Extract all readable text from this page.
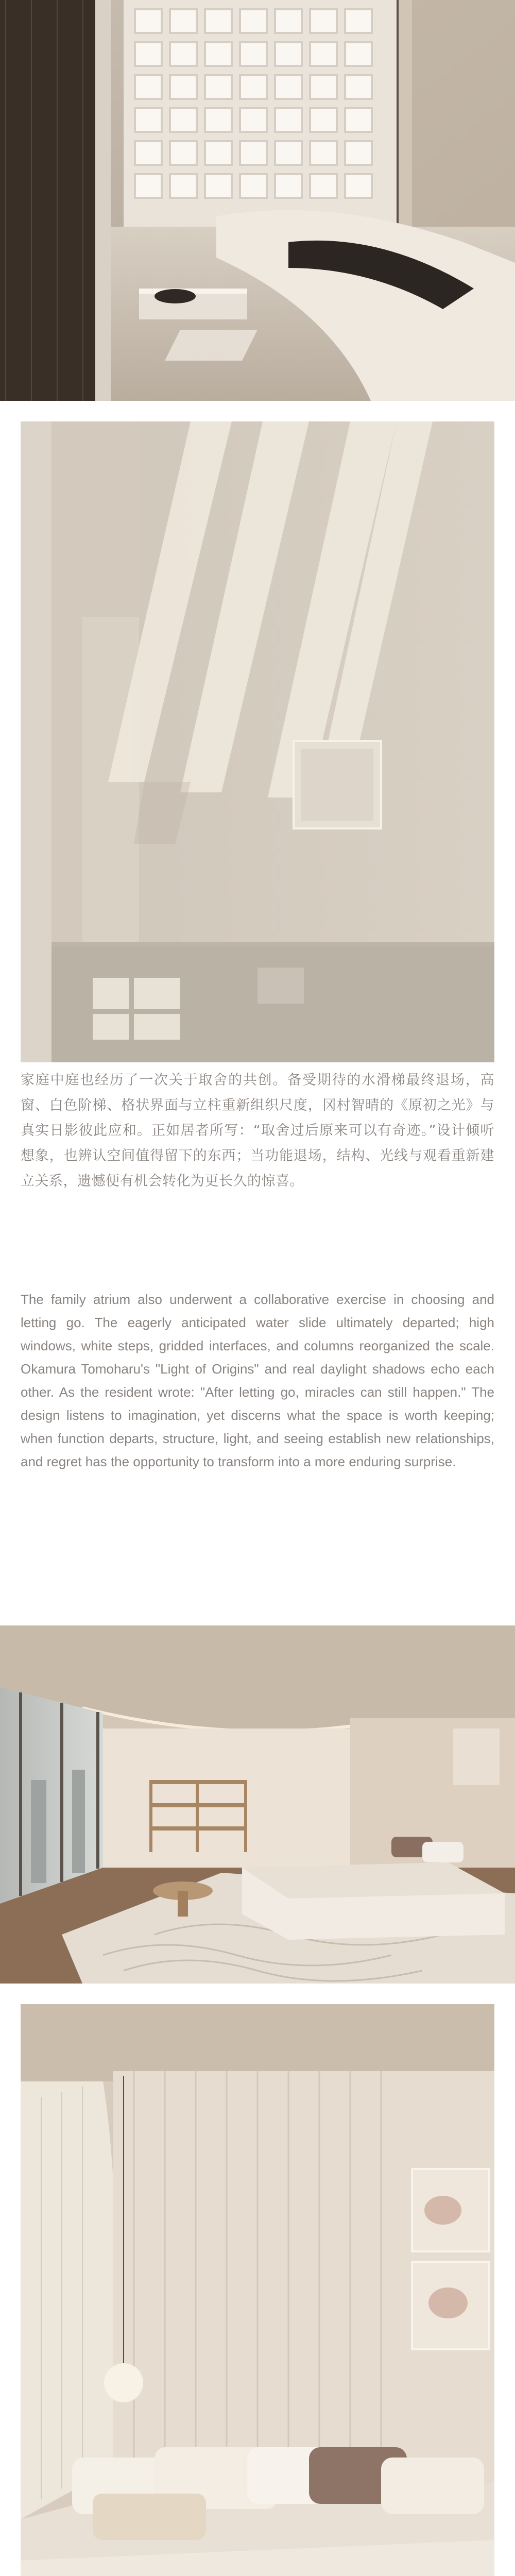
家庭中庭也经历了一次关于取舍的共创。备受期待的水滑梯最终退场，高窗、白色阶梯、格状界面与立柱重新组织尺度，冈村智晴的《原初之光》与真实日影彼此应和。正如居者所写：“取舍过后原来可以有奇迹。”设计倾听想象，也辨认空间值得留下的东西；当功能退场，结构、光线与观看重新建立关系，遗憾便有机会转化为更长久的惊喜。
The family atrium also underwent a collaborative exercise in choosing and letting go. The eagerly anticipated water slide ultimately departed; high windows, white steps, gridded interfaces, and columns reorganized the scale. Okamura Tomoharu's "Light of Origins" and real daylight shadows echo each other. As the resident wrote: "After letting go, miracles can still happen." The design listens to imagination, yet discerns what the space is worth keeping; when function departs, structure, light, and seeing establish new relationships, and regret has the opportunity to transform into a more enduring surprise.
